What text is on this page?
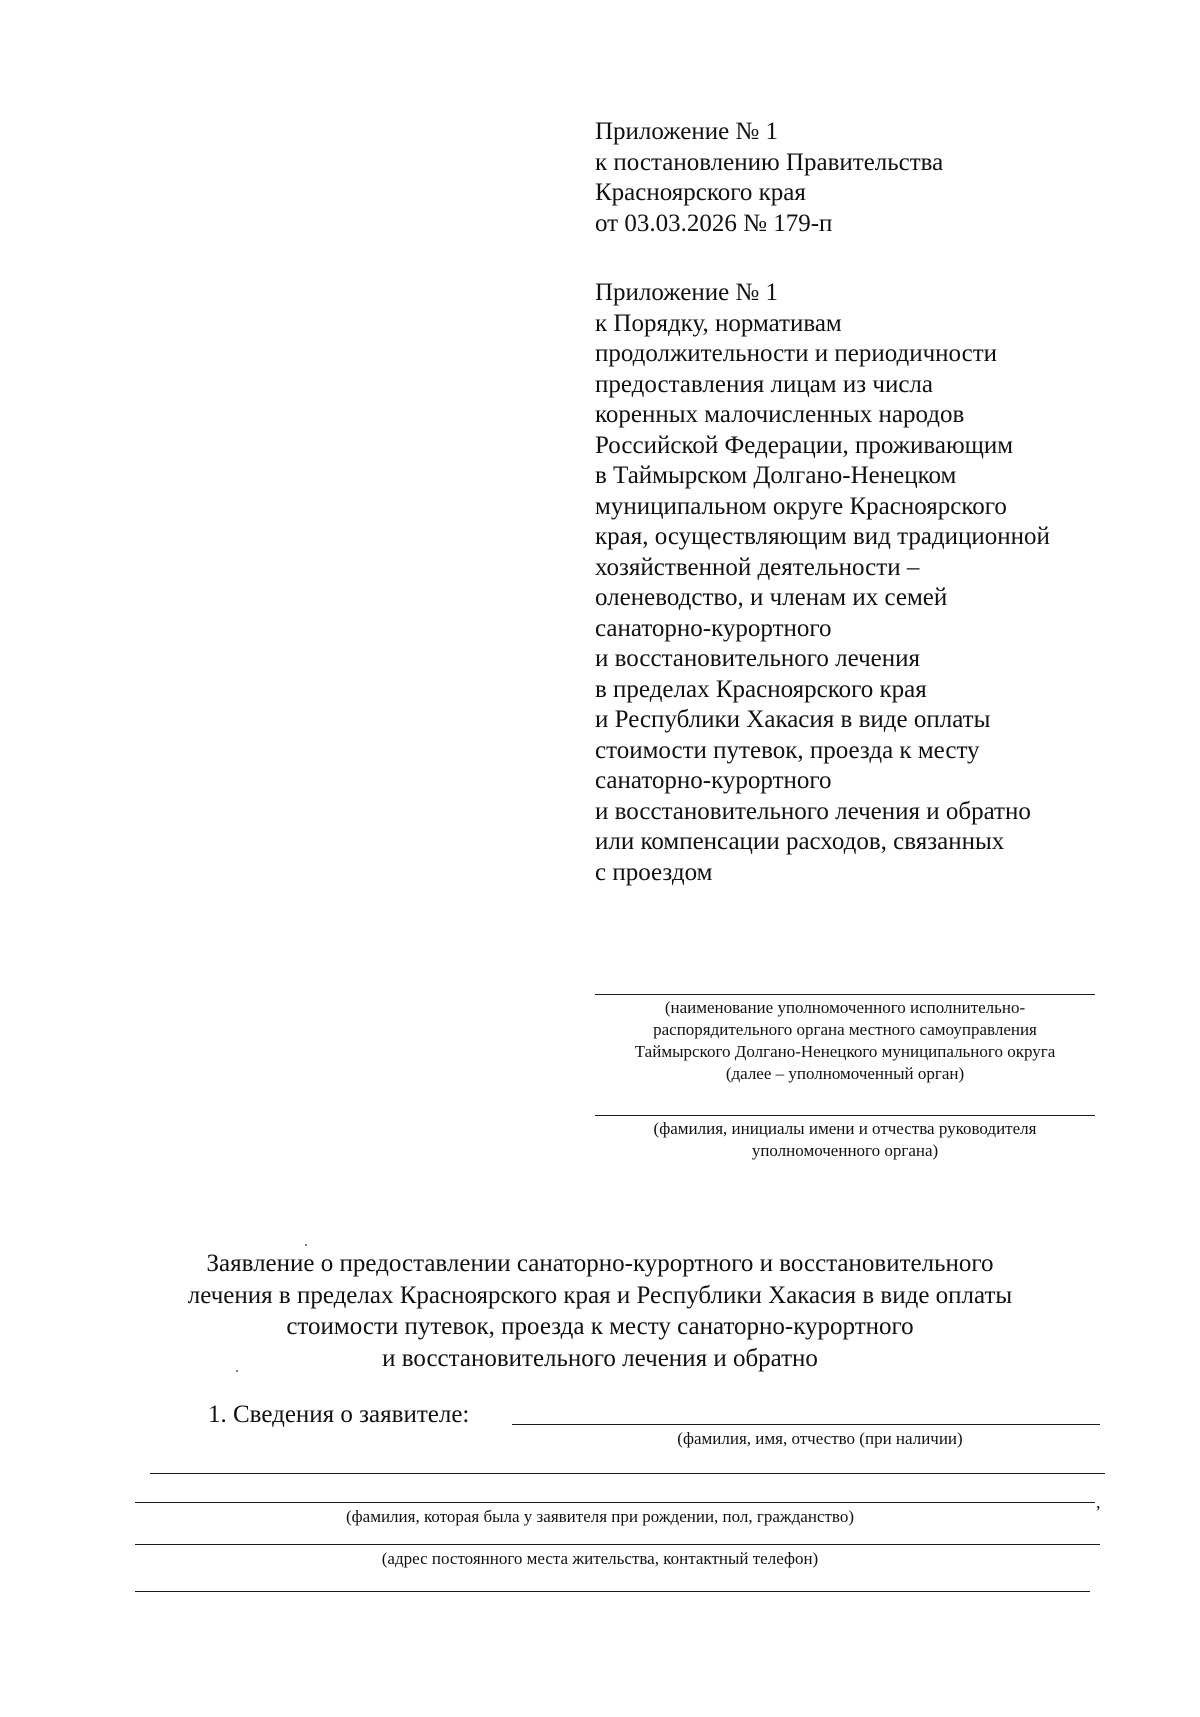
Приложение № 1
к постановлению Правительства
Красноярского края
от 03.03.2026 № 179-п
Приложение № 1
к Порядку, нормативам
продолжительности и периодичности
предоставления лицам из числа
коренных малочисленных народов
Российской Федерации, проживающим
в Таймырском Долгано-Ненецком
муниципальном округе Красноярского
края, осуществляющим вид традиционной
хозяйственной деятельности –
оленеводство, и членам их семей
санаторно-курортного
и восстановительного лечения
в пределах Красноярского края
и Республики Хакасия в виде оплаты
стоимости путевок, проезда к месту
санаторно-курортного
и восстановительного лечения и обратно
или компенсации расходов, связанных
с проездом
(наименование уполномоченного исполнительно-
распорядительного органа местного самоуправления
Таймырского Долгано-Ненецкого муниципального округа
(далее – уполномоченный орган)
(фамилия, инициалы имени и отчества руководителя
уполномоченного органа)
Заявление о предоставлении санаторно-курортного и восстановительного
лечения в пределах Красноярского края и Республики Хакасия в виде оплаты
стоимости путевок, проезда к месту санаторно-курортного
и восстановительного лечения и обратно
1. Сведения о заявителе:
(фамилия, имя, отчество (при наличии)
,
(фамилия, которая была у заявителя при рождении, пол, гражданство)
(адрес постоянного места жительства, контактный телефон)
